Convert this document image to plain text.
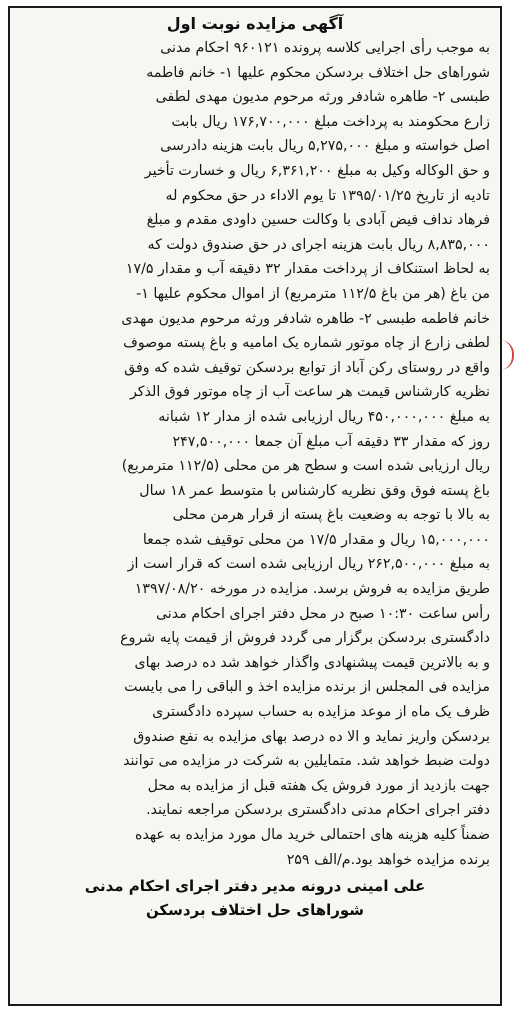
آگهی مزایده نوبت اول
به موجب رأی اجرایی کلاسه پرونده ۹۶۰۱۲۱ احکام مدنی
شوراهای حل اختلاف بردسکن محکوم علیها ۱- خانم فاطمه
طبسی ۲- طاهره شادفر ورثه مرحوم مدیون مهدی لطفی
زارع محکومند به پرداخت مبلغ ۱۷۶,۷۰۰,۰۰۰ ریال بابت
اصل خواسته و مبلغ ۵,۲۷۵,۰۰۰ ریال بابت هزینه دادرسی
و حق الوکاله وکیل به مبلغ ۶,۳۶۱,۲۰۰ ریال و خسارت تأخیر
تادیه از تاریخ ۱۳۹۵/۰۱/۲۵ تا یوم الاداء در حق محکوم له
فرهاد نداف فیض آبادی با وکالت حسین داودی مقدم و مبلغ
۸,۸۳۵,۰۰۰ ریال بابت هزینه اجرای در حق صندوق دولت که
به لحاظ استنکاف از پرداخت مقدار ۳۲ دقیقه آب و مقدار ۱۷/۵
من باغ (هر من باغ ۱۱۲/۵ مترمربع) از اموال محکوم علیها ۱-
خانم فاطمه طبسی ۲- طاهره شادفر ورثه مرحوم مدیون مهدی
لطفی زارع از چاه موتور شماره یک امامیه و باغ پسته موصوف
واقع در روستای رکن آباد از توابع بردسکن توقیف شده که وفق
نظریه کارشناس قیمت هر ساعت آب از چاه موتور فوق الذکر
به مبلغ ۴۵۰,۰۰۰,۰۰۰ ریال ارزیابی شده از مدار ۱۲ شبانه
روز که مقدار ۳۳ دقیقه آب مبلغ آن جمعا ۲۴۷,۵۰۰,۰۰۰
ریال ارزیابی شده است و سطح هر من محلی (۱۱۲/۵ مترمربع)
باغ پسته فوق وفق نظریه کارشناس با متوسط عمر ۱۸ سال
به بالا با توجه به وضعیت باغ پسته از قرار هرمن محلی
۱۵,۰۰۰,۰۰۰ ریال و مقدار ۱۷/۵ من محلی توقیف شده جمعا
به مبلغ ۲۶۲,۵۰۰,۰۰۰ ریال ارزیابی شده است که قرار است از
طریق مزایده به فروش برسد. مزایده در مورخه ۱۳۹۷/۰۸/۲۰
رأس ساعت ۱۰:۳۰ صبح در محل دفتر اجرای احکام مدنی
دادگستری بردسکن برگزار می گردد فروش از قیمت پایه شروع
و به بالاترین قیمت پیشنهادی واگذار خواهد شد ده درصد بهای
مزایده فی المجلس از برنده مزایده اخذ و الباقی را می بایست
ظرف یک ماه از موعد مزایده به حساب سپرده دادگستری
بردسکن واریز نماید و الا ده درصد بهای مزایده به نفع صندوق
دولت ضبط خواهد شد. متمایلین به شرکت در مزایده می توانند
جهت بازدید از مورد فروش یک هفته قبل از مزایده به محل
دفتر اجرای احکام مدنی دادگستری بردسکن مراجعه نمایند.
ضمناً کلیه هزینه های احتمالی خرید مال مورد مزایده به عهده
برنده مزایده خواهد بود.م/الف ۲۵۹
علی امینی درونه مدیر دفتر اجرای احکام مدنی
شوراهای حل اختلاف بردسکن
